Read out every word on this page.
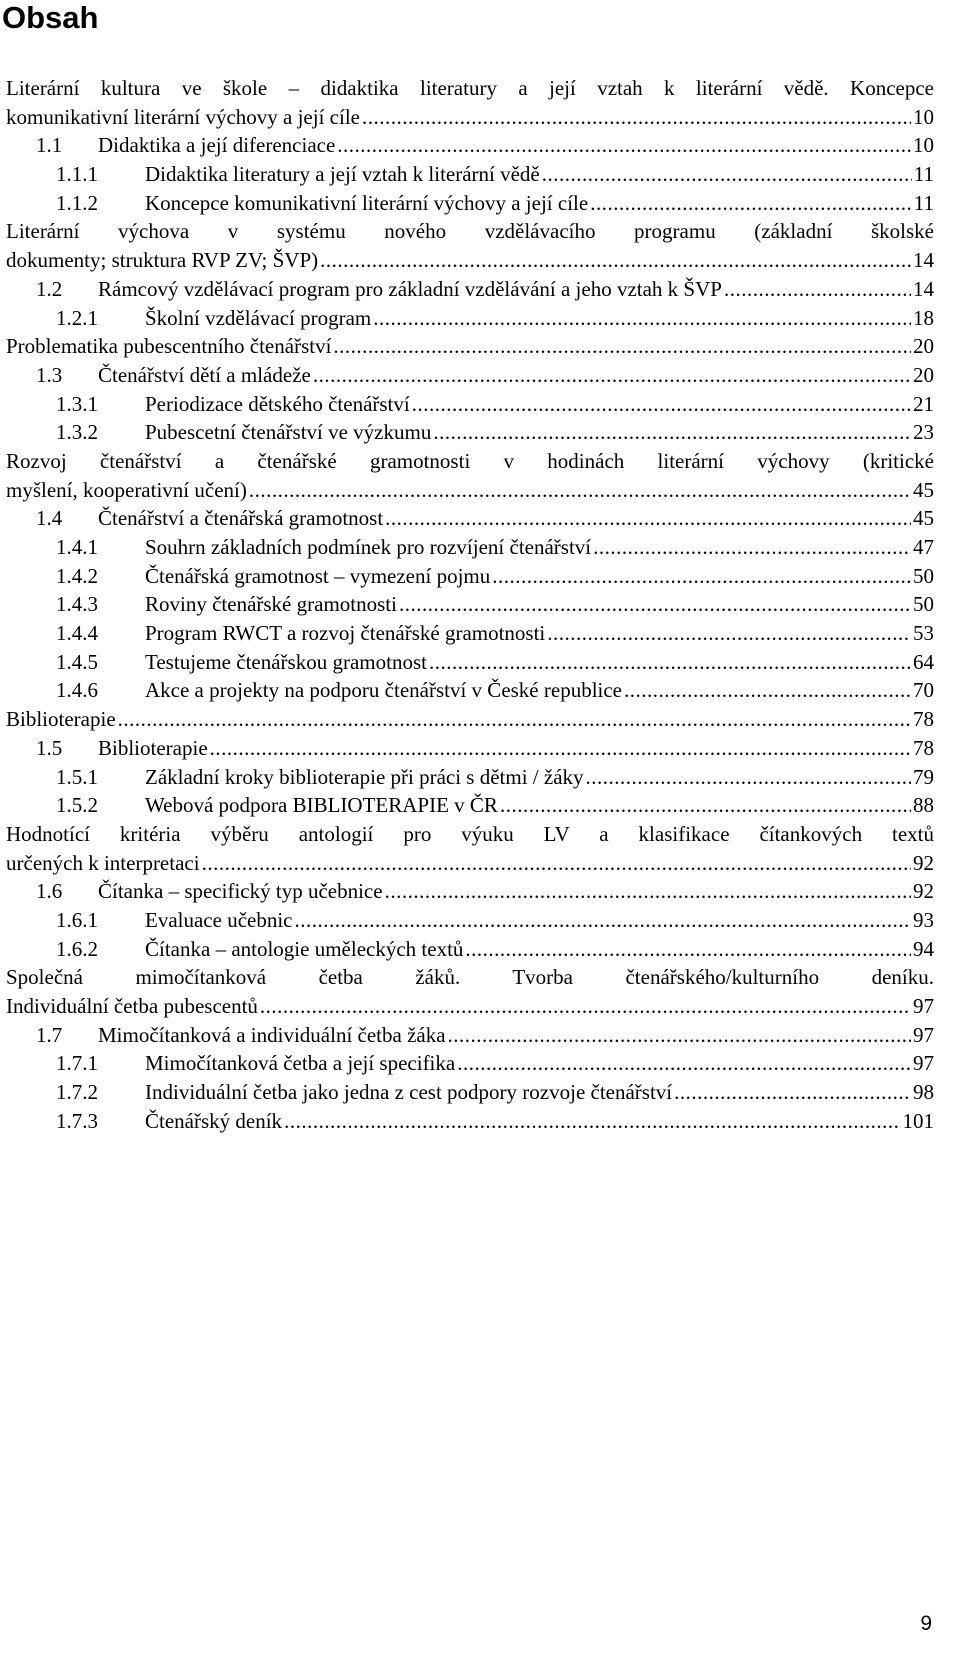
Obsah
Literární kultura ve škole – didaktika literatury a její vztah k literární vědě. Koncepce
komunikativní literární výchovy a její cíle .....	10
1.1	Didaktika a její diferenciace .....	10
1.1.1	Didaktika literatury a její vztah k literární vědě .....	11
1.1.2	Koncepce komunikativní literární výchovy a její cíle .....	11
Literární výchova v systému nového vzdělávacího programu (základní školské
dokumenty; struktura RVP ZV; ŠVP) .....	14
1.2	Rámcový vzdělávací program pro základní vzdělávání a jeho vztah k ŠVP .....	14
1.2.1	Školní vzdělávací program .....	18
Problematika pubescentního čtenářství .....	20
1.3	Čtenářství dětí a mládeže .....	20
1.3.1	Periodizace dětského čtenářství .....	21
1.3.2	Pubescetní čtenářství ve výzkumu .....	23
Rozvoj čtenářství a čtenářské gramotnosti v hodinách literární výchovy (kritické
myšlení, kooperativní učení) .....	45
1.4	Čtenářství a čtenářská gramotnost .....	45
1.4.1	Souhrn základních podmínek pro rozvíjení čtenářství .....	47
1.4.2	Čtenářská gramotnost – vymezení pojmu .....	50
1.4.3	Roviny čtenářské gramotnosti .....	50
1.4.4	Program RWCT a rozvoj čtenářské gramotnosti .....	53
1.4.5	Testujeme čtenářskou gramotnost .....	64
1.4.6	Akce a projekty na podporu čtenářství v České republice .....	70
Biblioterapie .....	78
1.5	Biblioterapie .....	78
1.5.1	Základní kroky biblioterapie při práci s dětmi / žáky .....	79
1.5.2	Webová podpora BIBLIOTERAPIE v ČR .....	88
Hodnotící kritéria výběru antologií pro výuku LV a klasifikace čítankových textů
určených k interpretaci .....	92
1.6	Čítanka – specifický typ učebnice .....	92
1.6.1	Evaluace učebnic .....	93
1.6.2	Čítanka – antologie uměleckých textů .....	94
Společná mimočítanková četba žáků. Tvorba čtenářského/kulturního deníku.
Individuální četba pubescentů .....	97
1.7	Mimočítanková a individuální četba žáka .....	97
1.7.1	Mimočítanková četba a její specifika .....	97
1.7.2	Individuální četba jako jedna z cest podpory rozvoje čtenářství .....	98
1.7.3	Čtenářský deník .....	101
9
